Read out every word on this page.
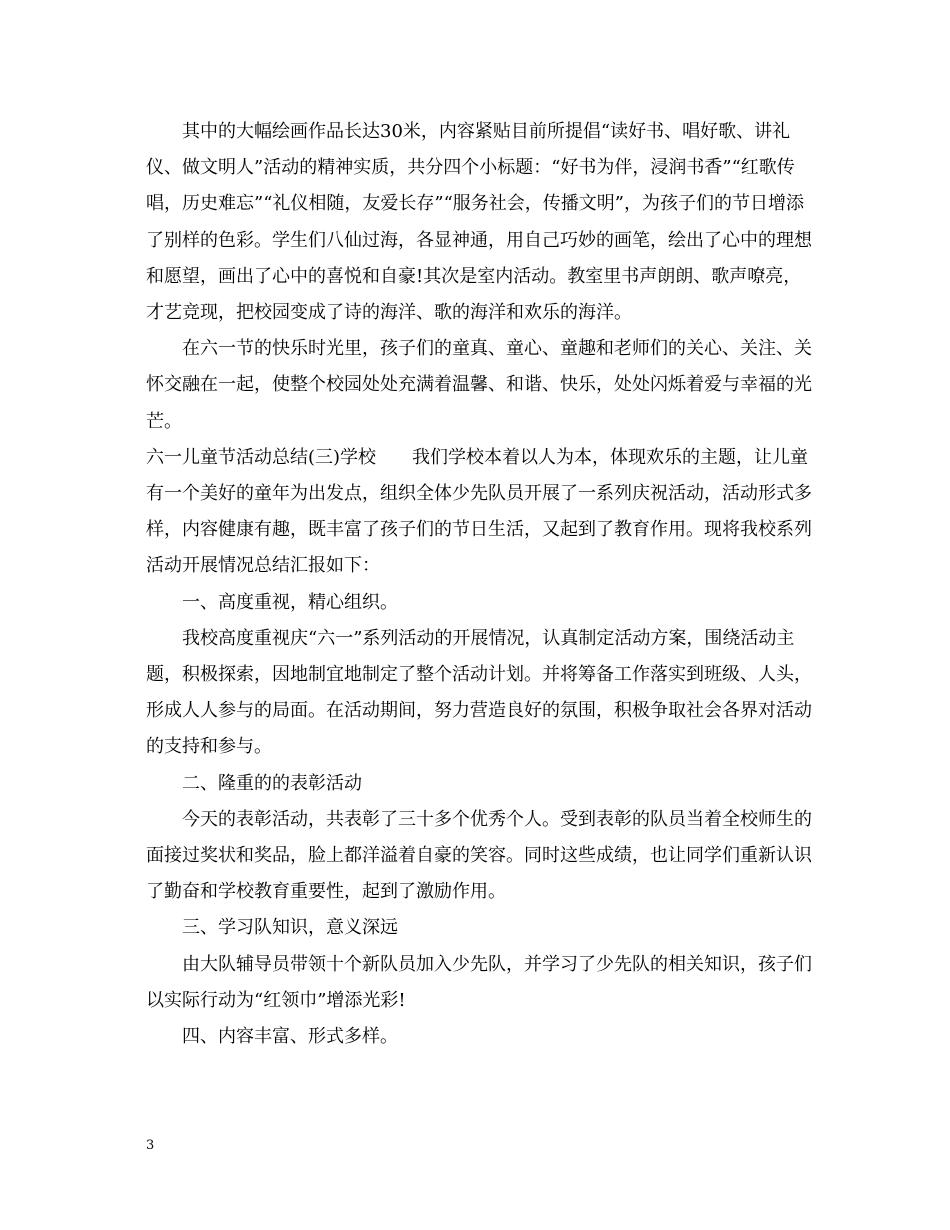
其中的大幅绘画作品长达30米，内容紧贴目前所提倡“读好书、唱好歌、讲礼仪、做文明人”活动的精神实质，共分四个小标题：“好书为伴，浸润书香”“红歌传唱，历史难忘”“礼仪相随，友爱长存”“服务社会，传播文明”，为孩子们的节日增添了别样的色彩。学生们八仙过海，各显神通，用自己巧妙的画笔，绘出了心中的理想和愿望，画出了心中的喜悦和自豪!其次是室内活动。教室里书声朗朗、歌声嘹亮，才艺竞现，把校园变成了诗的海洋、歌的海洋和欢乐的海洋。

在六一节的快乐时光里，孩子们的童真、童心、童趣和老师们的关心、关注、关怀交融在一起，使整个校园处处充满着温馨、和谐、快乐，处处闪烁着爱与幸福的光芒。

六一儿童节活动总结(三)学校　　我们学校本着以人为本，体现欢乐的主题，让儿童有一个美好的童年为出发点，组织全体少先队员开展了一系列庆祝活动，活动形式多样，内容健康有趣，既丰富了孩子们的节日生活，又起到了教育作用。现将我校系列活动开展情况总结汇报如下：

一、高度重视，精心组织。

我校高度重视庆“六一”系列活动的开展情况，认真制定活动方案，围绕活动主题，积极探索，因地制宜地制定了整个活动计划。并将筹备工作落实到班级、人头，形成人人参与的局面。在活动期间，努力营造良好的氛围，积极争取社会各界对活动的支持和参与。

二、隆重的的表彰活动

今天的表彰活动，共表彰了三十多个优秀个人。受到表彰的队员当着全校师生的面接过奖状和奖品，脸上都洋溢着自豪的笑容。同时这些成绩，也让同学们重新认识了勤奋和学校教育重要性，起到了激励作用。

三、学习队知识，意义深远

由大队辅导员带领十个新队员加入少先队，并学习了少先队的相关知识，孩子们以实际行动为“红领巾”增添光彩!

四、内容丰富、形式多样。

3
